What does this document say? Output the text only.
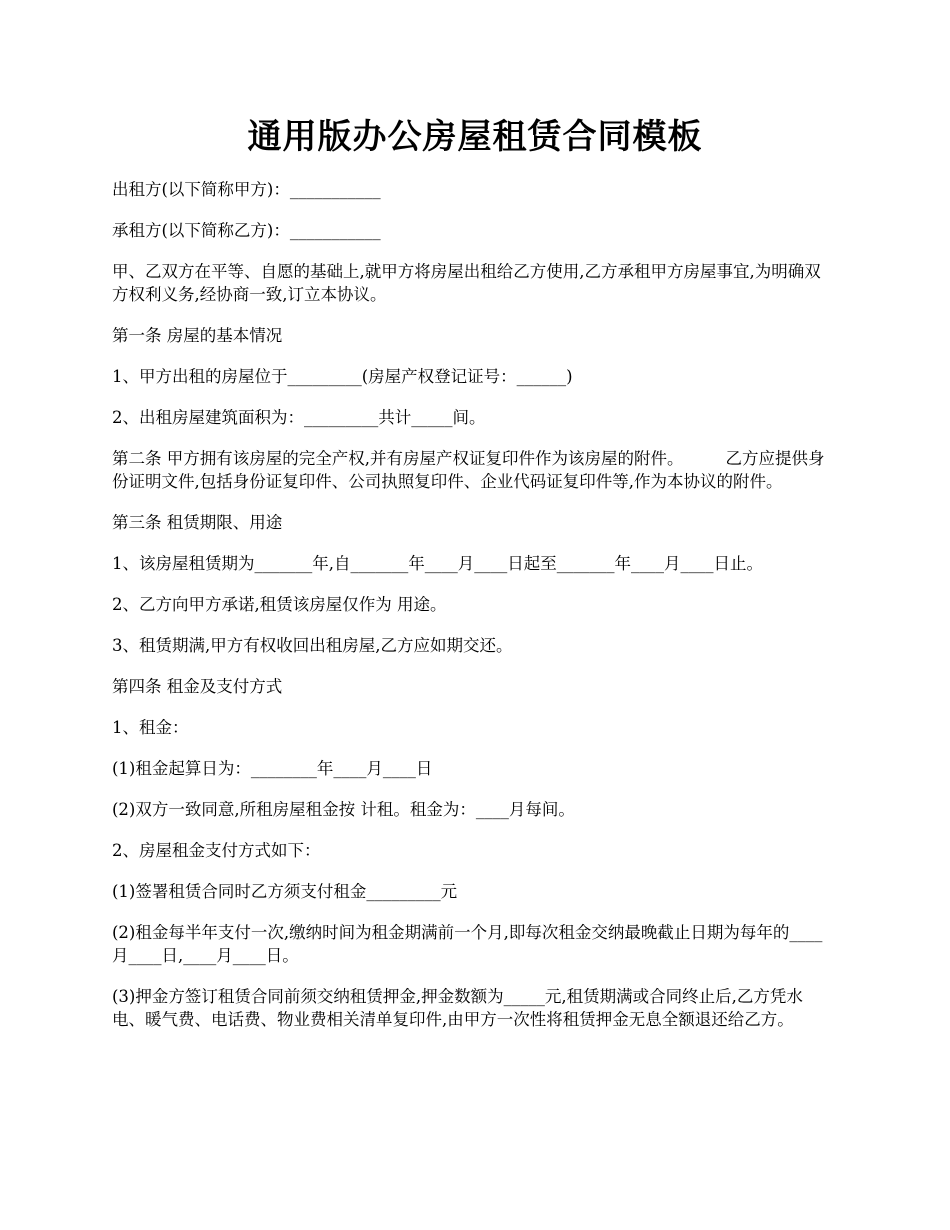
通用版办公房屋租赁合同模板

出租方(以下简称甲方)：___________

承租方(以下简称乙方)：___________

甲、乙双方在平等、自愿的基础上,就甲方将房屋出租给乙方使用,乙方承租甲方房屋事宜,为明确双方权利义务,经协商一致,订立本协议。

第一条 房屋的基本情况

1、甲方出租的房屋位于_________(房屋产权登记证号：______)

2、出租房屋建筑面积为：_________共计_____间。

第二条 甲方拥有该房屋的完全产权,并有房屋产权证复印件作为该房屋的附件。        乙方应提供身份证明文件,包括身份证复印件、公司执照复印件、企业代码证复印件等,作为本协议的附件。

第三条 租赁期限、用途

1、该房屋租赁期为_______年,自_______年____月____日起至_______年____月____日止。

2、乙方向甲方承诺,租赁该房屋仅作为 用途。

3、租赁期满,甲方有权收回出租房屋,乙方应如期交还。

第四条 租金及支付方式

1、租金：

(1)租金起算日为：________年____月____日

(2)双方一致同意,所租房屋租金按 计租。租金为：____月每间。

2、房屋租金支付方式如下：

(1)签署租赁合同时乙方须支付租金_________元

(2)租金每半年支付一次,缴纳时间为租金期满前一个月,即每次租金交纳最晚截止日期为每年的____月____日,____月____日。

(3)押金方签订租赁合同前须交纳租赁押金,押金数额为_____元,租赁期满或合同终止后,乙方凭水电、暖气费、电话费、物业费相关清单复印件,由甲方一次性将租赁押金无息全额退还给乙方。
